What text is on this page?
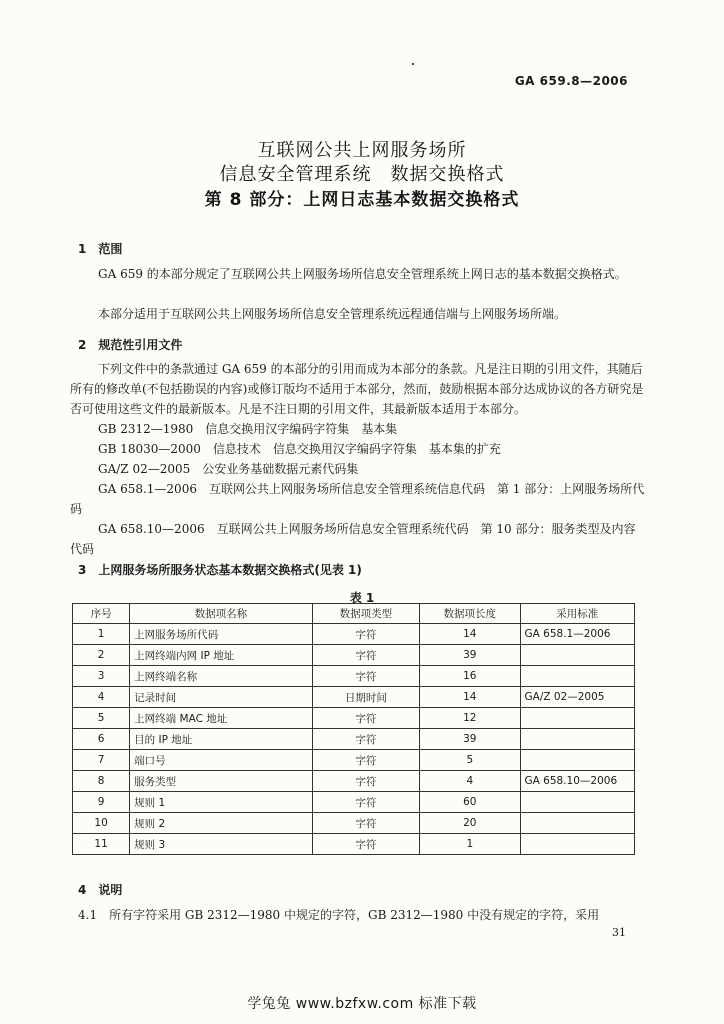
GA 659.8—2006
互联网公共上网服务场所
信息安全管理系统　数据交换格式
第 8 部分：上网日志基本数据交换格式
1　范围
GA 659 的本部分规定了互联网公共上网服务场所信息安全管理系统上网日志的基本数据交换格式。
本部分适用于互联网公共上网服务场所信息安全管理系统远程通信端与上网服务场所端。
2　规范性引用文件
下列文件中的条款通过 GA 659 的本部分的引用而成为本部分的条款。凡是注日期的引用文件，其随后所有的修改单(不包括勘误的内容)或修订版均不适用于本部分，然而，鼓励根据本部分达成协议的各方研究是否可使用这些文件的最新版本。凡是不注日期的引用文件，其最新版本适用于本部分。
GB 2312—1980　信息交换用汉字编码字符集　基本集
GB 18030—2000　信息技术　信息交换用汉字编码字符集　基本集的扩充
GA/Z 02—2005　公安业务基础数据元素代码集
GA 658.1—2006　互联网公共上网服务场所信息安全管理系统信息代码　第 1 部分：上网服务场所代码
GA 658.10—2006　互联网公共上网服务场所信息安全管理系统代码　第 10 部分：服务类型及内容代码
3　上网服务场所服务状态基本数据交换格式(见表 1)
表 1
序号	数据项名称	数据项类型	数据项长度	采用标准
1	上网服务场所代码	字符	14	GA 658.1—2006
2	上网终端内网 IP 地址	字符	39	
3	上网终端名称	字符	16	
4	记录时间	日期时间	14	GA/Z 02—2005
5	上网终端 MAC 地址	字符	12	
6	目的 IP 地址	字符	39	
7	端口号	字符	5	
8	服务类型	字符	4	GA 658.10—2006
9	规则 1	字符	60	
10	规则 2	字符	20	
11	规则 3	字符	1	
4　说明
4.1　所有字符采用 GB 2312—1980 中规定的字符，GB 2312—1980 中没有规定的字符，采用
31
学兔兔 www.bzfxw.com 标准下载
